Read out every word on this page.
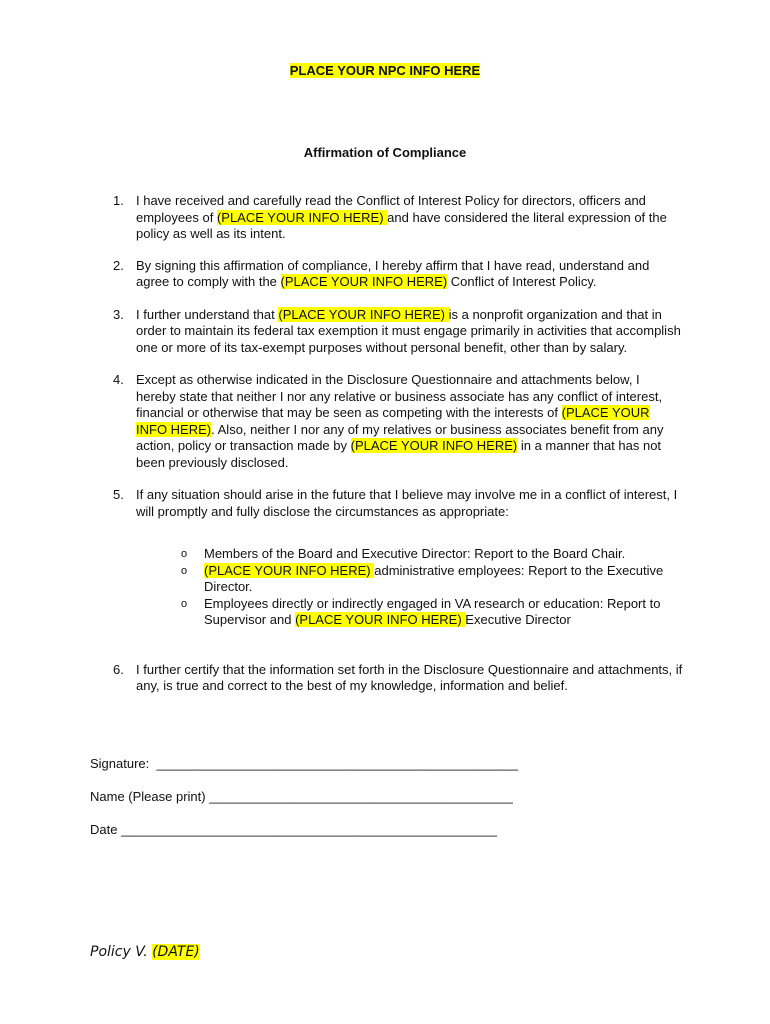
PLACE YOUR NPC INFO HERE
Affirmation of Compliance
1. I have received and carefully read the Conflict of Interest Policy for directors, officers and employees of (PLACE YOUR INFO HERE) and have considered the literal expression of the policy as well as its intent.
2. By signing this affirmation of compliance, I hereby affirm that I have read, understand and agree to comply with the (PLACE YOUR INFO HERE) Conflict of Interest Policy.
3. I further understand that (PLACE YOUR INFO HERE) is a nonprofit organization and that in order to maintain its federal tax exemption it must engage primarily in activities that accomplish one or more of its tax-exempt purposes without personal benefit, other than by salary.
4. Except as otherwise indicated in the Disclosure Questionnaire and attachments below, I hereby state that neither I nor any relative or business associate has any conflict of interest, financial or otherwise that may be seen as competing with the interests of (PLACE YOUR INFO HERE). Also, neither I nor any of my relatives or business associates benefit from any action, policy or transaction made by (PLACE YOUR INFO HERE) in a manner that has not been previously disclosed.
5. If any situation should arise in the future that I believe may involve me in a conflict of interest, I will promptly and fully disclose the circumstances as appropriate:
o Members of the Board and Executive Director: Report to the Board Chair.
o (PLACE YOUR INFO HERE) administrative employees: Report to the Executive Director.
o Employees directly or indirectly engaged in VA research or education: Report to Supervisor and (PLACE YOUR INFO HERE) Executive Director
6. I further certify that the information set forth in the Disclosure Questionnaire and attachments, if any, is true and correct to the best of my knowledge, information and belief.
Signature:  __________________________________________________
Name (Please print) __________________________________________
Date ____________________________________________________
Policy V. (DATE)
